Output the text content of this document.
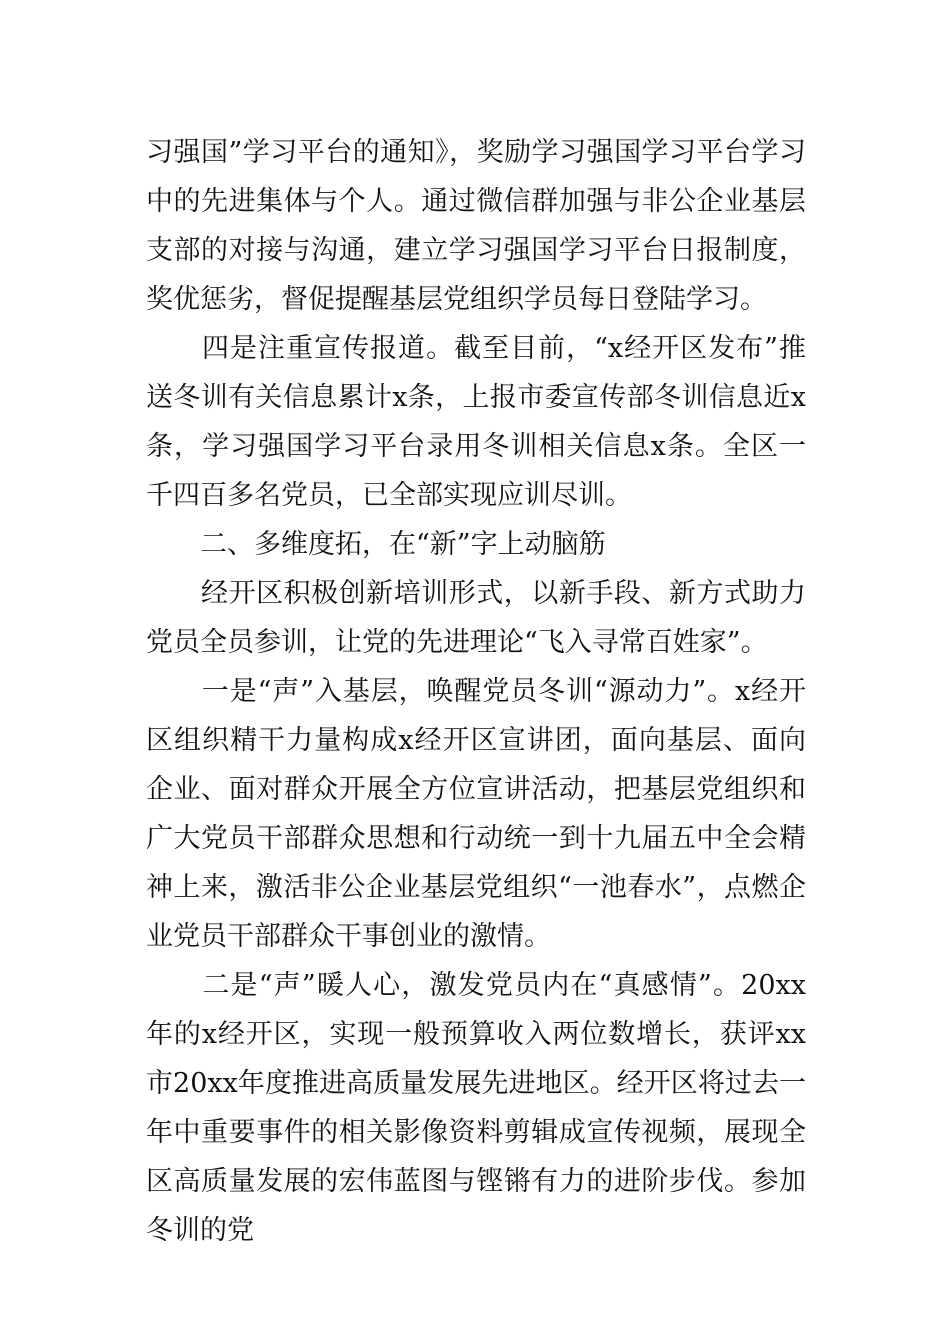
习强国”学习平台的通知》，奖励学习强国学习平台学习中的先进集体与个人。通过微信群加强与非公企业基层支部的对接与沟通，建立学习强国学习平台日报制度，奖优惩劣，督促提醒基层党组织学员每日登陆学习。

　　四是注重宣传报道。截至目前，“x经开区发布”推送冬训有关信息累计x条，上报市委宣传部冬训信息近x条，学习强国学习平台录用冬训相关信息x条。全区一千四百多名党员，已全部实现应训尽训。

　　二、多维度拓，在“新”字上动脑筋

　　经开区积极创新培训形式，以新手段、新方式助力党员全员参训，让党的先进理论“飞入寻常百姓家”。

　　一是“声”入基层，唤醒党员冬训“源动力”。x经开区组织精干力量构成x经开区宣讲团，面向基层、面向企业、面对群众开展全方位宣讲活动，把基层党组织和广大党员干部群众思想和行动统一到十九届五中全会精神上来，激活非公企业基层党组织“一池春水”，点燃企业党员干部群众干事创业的激情。

　　二是“声”暖人心，激发党员内在“真感情”。20xx年的x经开区，实现一般预算收入两位数增长，获评xx市20xx年度推进高质量发展先进地区。经开区将过去一年中重要事件的相关影像资料剪辑成宣传视频，展现全区高质量发展的宏伟蓝图与铿锵有力的进阶步伐。参加冬训的党
